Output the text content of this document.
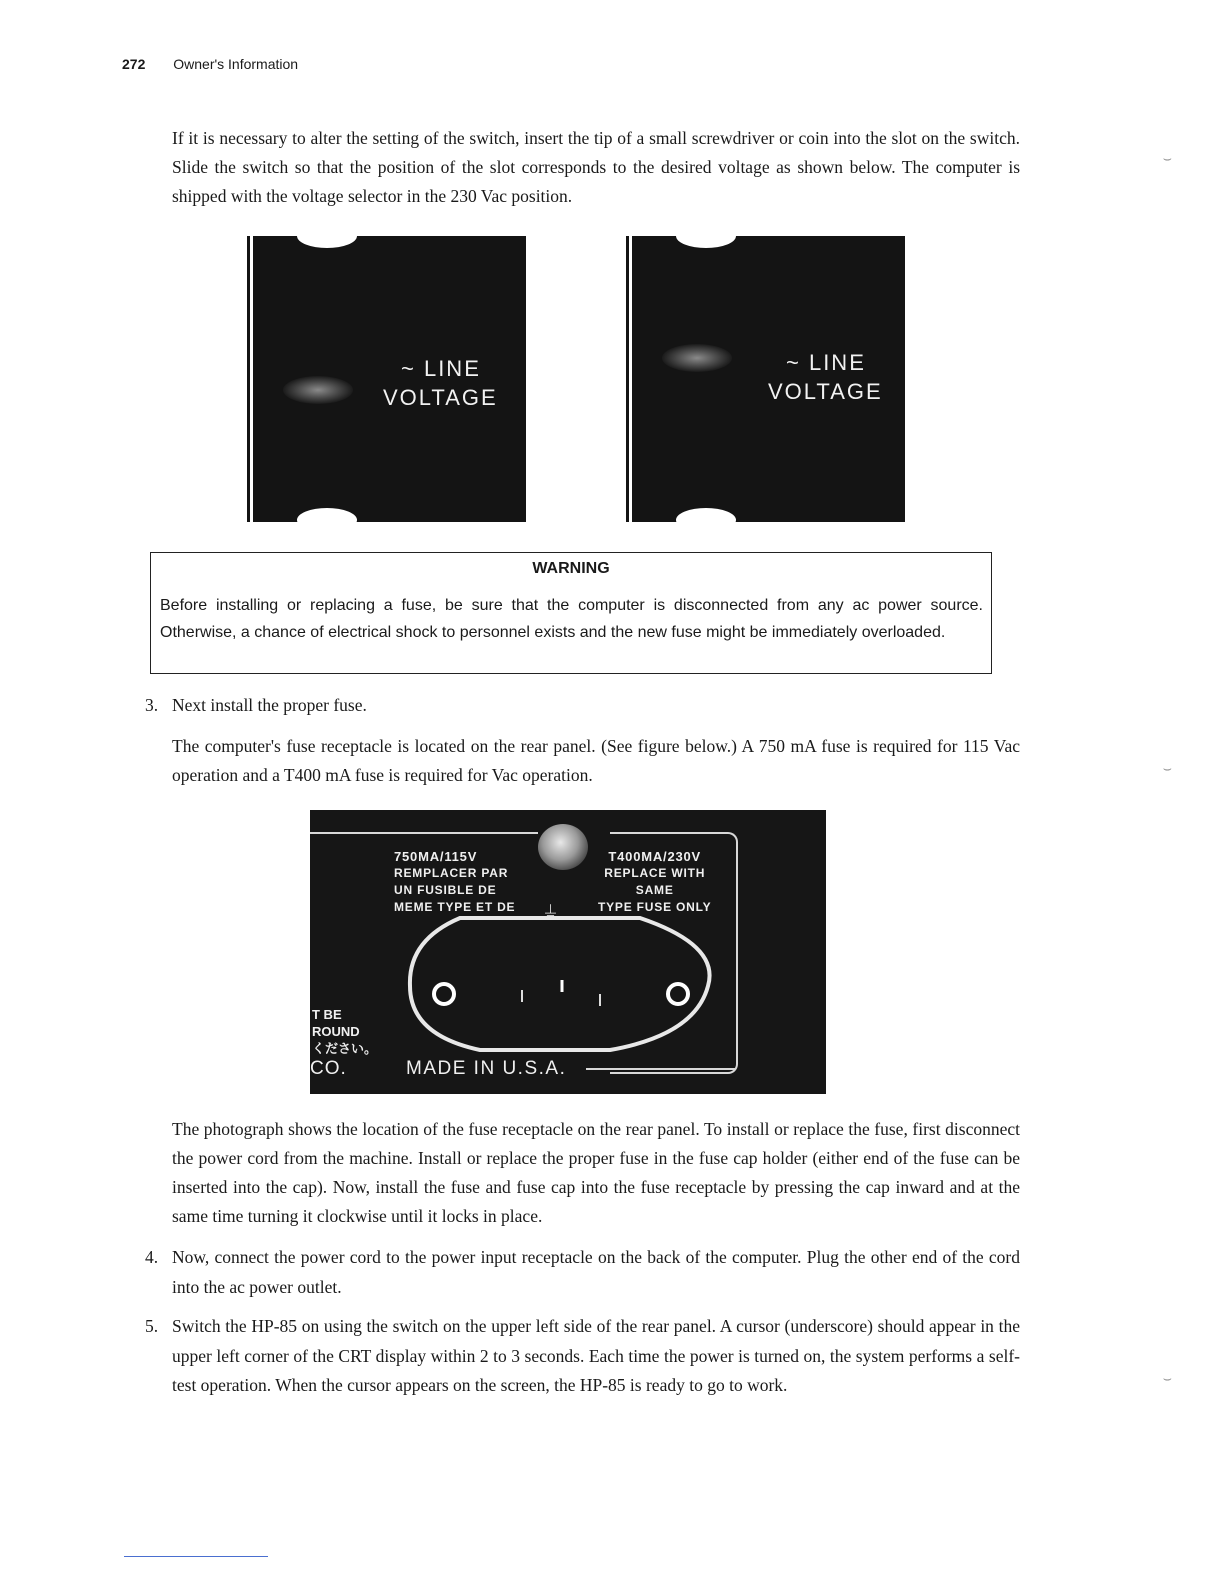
272 Owner's Information
If it is necessary to alter the setting of the switch, insert the tip of a small screwdriver or coin into the slot on the switch. Slide the switch so that the position of the slot corresponds to the desired voltage as shown below. The computer is shipped with the voltage selector in the 230 Vac position.
~ LINE
VOLTAGE
~ LINE
VOLTAGE
WARNING
Before installing or replacing a fuse, be sure that the computer is disconnected from any ac power source. Otherwise, a chance of electrical shock to personnel exists and the new fuse might be immediately overloaded.
3. Next install the proper fuse.
The computer's fuse receptacle is located on the rear panel. (See figure below.) A 750 mA fuse is required for 115 Vac operation and a T400 mA fuse is required for Vac operation.
750MA/115V
REMPLACER PAR
UN FUSIBLE DE
MEME TYPE ET DE
T400MA/230V
REPLACE WITH
SAME
TYPE FUSE ONLY
⏚
T BE
ROUND
ください。
CO.	MADE IN U.S.A.
The photograph shows the location of the fuse receptacle on the rear panel. To install or replace the fuse, first disconnect the power cord from the machine. Install or replace the proper fuse in the fuse cap holder (either end of the fuse can be inserted into the cap). Now, install the fuse and fuse cap into the fuse receptacle by pressing the cap inward and at the same time turning it clockwise until it locks in place.
4. Now, connect the power cord to the power input receptacle on the back of the computer. Plug the other end of the cord into the ac power outlet.
5. Switch the HP-85 on using the switch on the upper left side of the rear panel. A cursor (underscore) should appear in the upper left corner of the CRT display within 2 to 3 seconds. Each time the power is turned on, the system performs a self-test operation. When the cursor appears on the screen, the HP-85 is ready to go to work.
⌣
⌣
⌣
